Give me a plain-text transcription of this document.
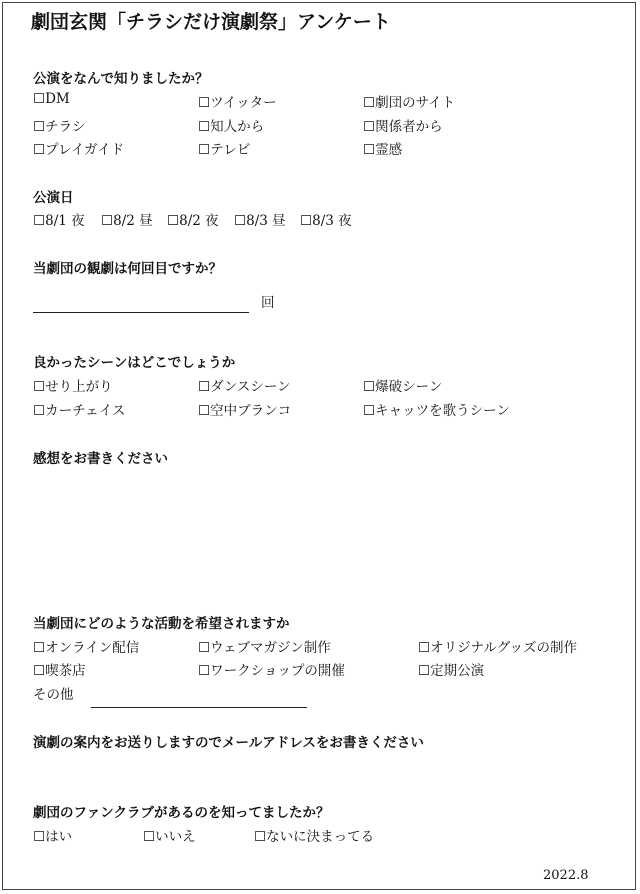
劇団玄関「チラシだけ演劇祭」アンケート
公演をなんで知りましたか？
☐DM	☐ツイッター	☐劇団のサイト
☐チラシ	☐知人から	☐関係者から
☐プレイガイド	☐テレビ	☐霊感
公演日
☐8/1 夜 ☐8/2 昼 ☐8/2 夜 ☐8/3 昼 ☐8/3 夜
当劇団の観劇は何回目ですか？
回
良かったシーンはどこでしょうか
☐せり上がり	☐ダンスシーン	☐爆破シーン
☐カーチェイス	☐空中ブランコ	☐キャッツを歌うシーン
感想をお書きください
当劇団にどのような活動を希望されますか
☐オンライン配信	☐ウェブマガジン制作	☐オリジナルグッズの制作
☐喫茶店	☐ワークショップの開催	☐定期公演
その他
演劇の案内をお送りしますのでメールアドレスをお書きください
劇団のファンクラブがあるのを知ってましたか？
☐はい	☐いいえ	☐ないに決まってる
2022.8
